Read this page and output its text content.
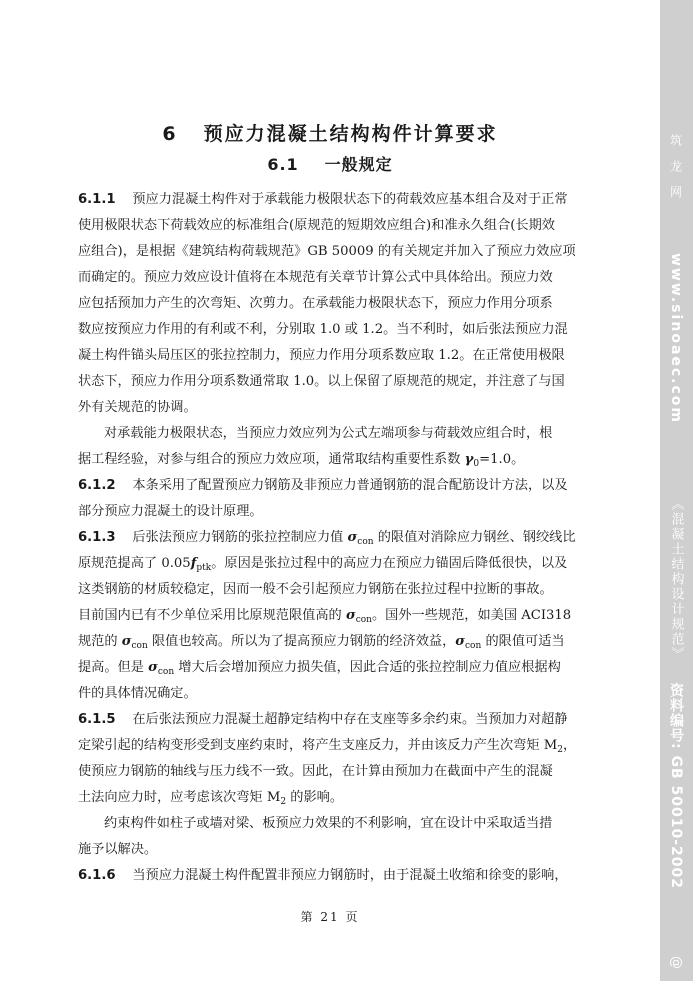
6 预应力混凝土结构构件计算要求
6.1 一般规定
6.1.1 预应力混凝土构件对于承载能力极限状态下的荷载效应基本组合及对于正常
使用极限状态下荷载效应的标准组合(原规范的短期效应组合)和准永久组合(长期效
应组合)，是根据《建筑结构荷载规范》GB 50009 的有关规定并加入了预应力效应项
而确定的。预应力效应设计值将在本规范有关章节计算公式中具体给出。预应力效
应包括预加力产生的次弯矩、次剪力。在承载能力极限状态下，预应力作用分项系
数应按预应力作用的有利或不利，分别取 1.0 或 1.2。当不利时，如后张法预应力混
凝土构件锚头局压区的张拉控制力，预应力作用分项系数应取 1.2。在正常使用极限
状态下，预应力作用分项系数通常取 1.0。以上保留了原规范的规定，并注意了与国
外有关规范的协调。
对承载能力极限状态，当预应力效应列为公式左端项参与荷载效应组合时，根
据工程经验，对参与组合的预应力效应项，通常取结构重要性系数 $\gamma_0=1.0$。
6.1.2 本条采用了配置预应力钢筋及非预应力普通钢筋的混合配筋设计方法，以及
部分预应力混凝土的设计原理。
6.1.3 后张法预应力钢筋的张拉控制应力值 $\sigma_{con}$ 的限值对消除应力钢丝、钢绞线比
原规范提高了 $0.05f_{ptk}$。原因是张拉过程中的高应力在预应力锚固后降低很快，以及
这类钢筋的材质较稳定，因而一般不会引起预应力钢筋在张拉过程中拉断的事故。
目前国内已有不少单位采用比原规范限值高的 $\sigma_{con}$。国外一些规范，如美国 ACI318
规范的 $\sigma_{con}$ 限值也较高。所以为了提高预应力钢筋的经济效益，$\sigma_{con}$ 的限值可适当
提高。但是 $\sigma_{con}$ 增大后会增加预应力损失值，因此合适的张拉控制应力值应根据构
件的具体情况确定。
6.1.5 在后张法预应力混凝土超静定结构中存在支座等多余约束。当预加力对超静
定梁引起的结构变形受到支座约束时，将产生支座反力，并由该反力产生次弯矩 $M_2$，
使预应力钢筋的轴线与压力线不一致。因此，在计算由预加力在截面中产生的混凝
土法向应力时，应考虑该次弯矩 $M_2$ 的影响。
约束构件如柱子或墙对梁、板预应力效果的不利影响，宜在设计中采取适当措
施予以解决。
6.1.6 当预应力混凝土构件配置非预应力钢筋时，由于混凝土收缩和徐变的影响，
第 21 页
筑 龙 网
www.sinoaec.com
《混凝土结构设计规范》
资料编号: GB 50010-2002
@
